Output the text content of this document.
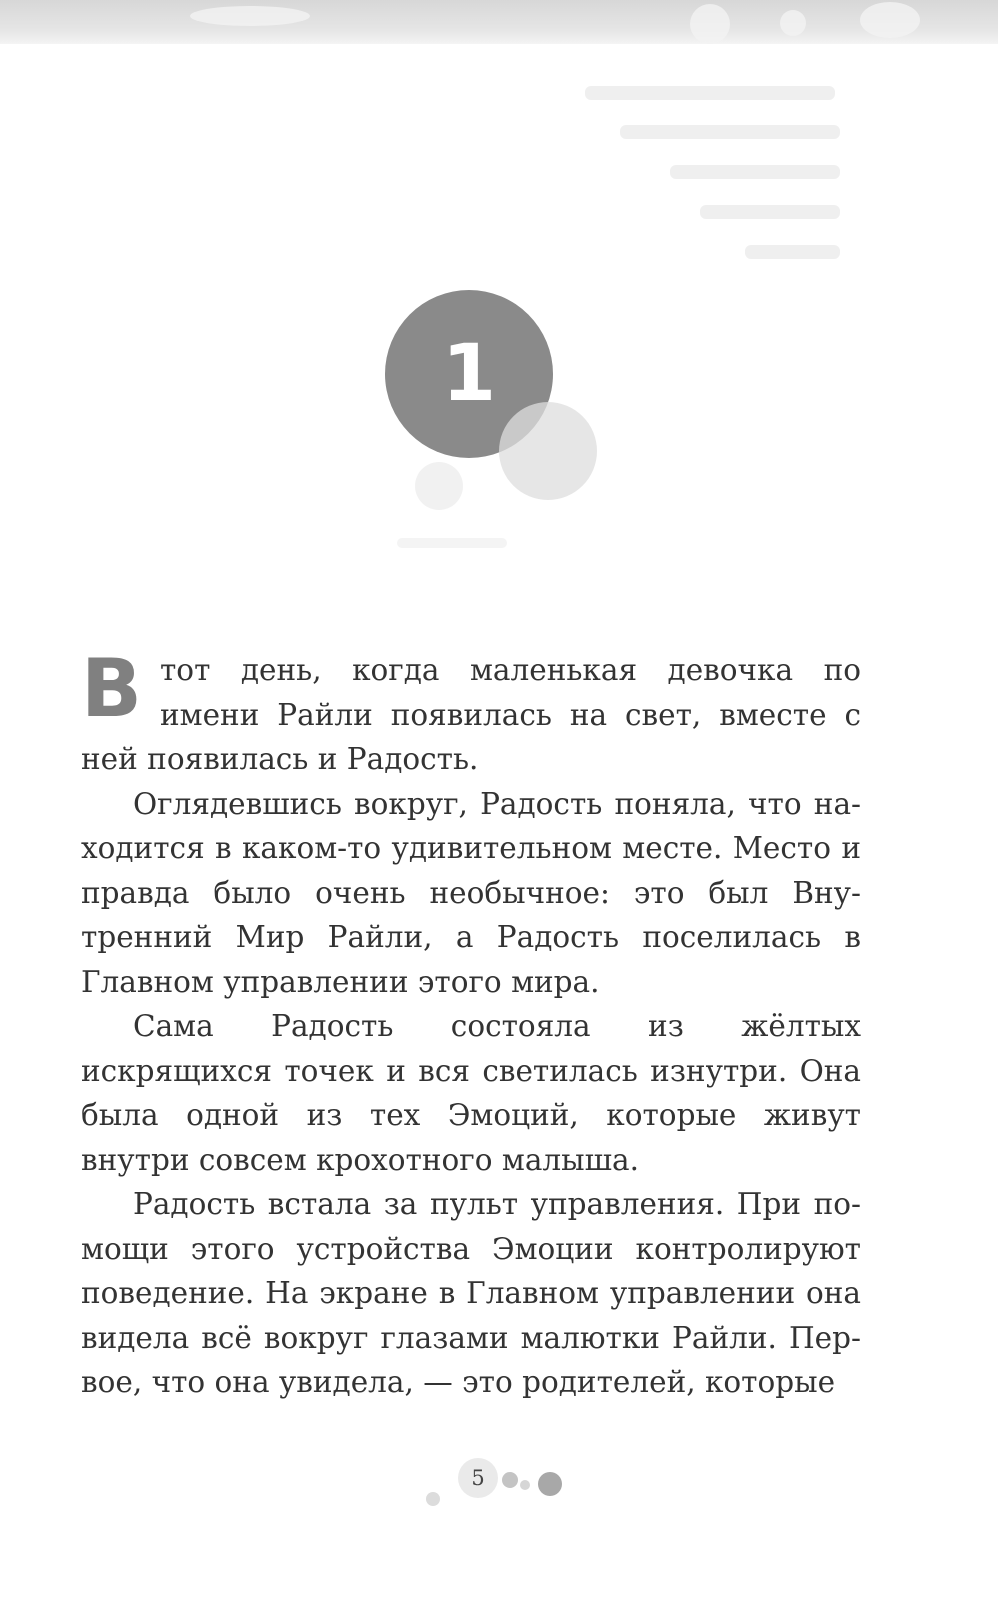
1

В тот день, когда маленькая девочка по имени Райли появилась на свет, вместе с ней появилась и Радость.

Оглядевшись вокруг, Радость поняла, что находится в каком-то удивительном месте. Место и правда было очень необычное: это был Внутренний Мир Райли, а Радость поселилась в Главном управлении этого мира.

Сама Радость состояла из жёлтых искрящихся точек и вся светилась изнутри. Она была одной из тех Эмоций, которые живут внутри совсем крохотного малыша.

Радость встала за пульт управления. При помощи этого устройства Эмоции контролируют поведение. На экране в Главном управлении она видела всё вокруг глазами малютки Райли. Первое, что она увидела, — это родителей, которые

5
